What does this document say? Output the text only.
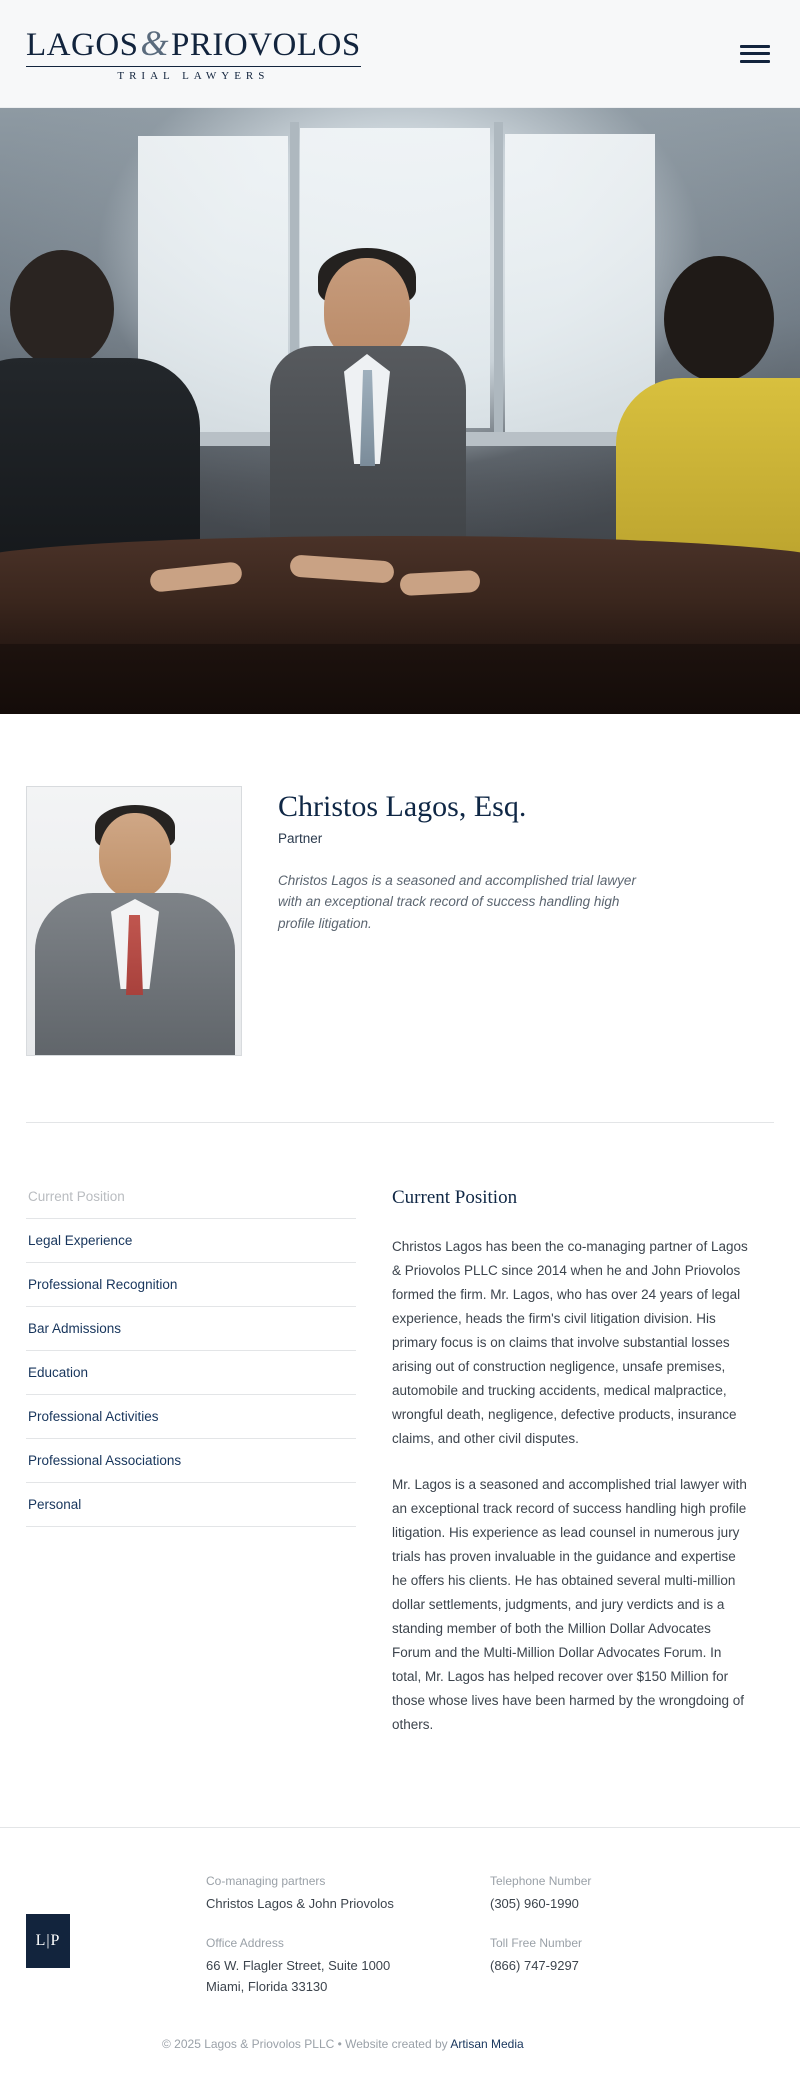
LAGOS&PRIOVOLOS
TRIAL LAWYERS
Christos Lagos, Esq.
Partner

Christos Lagos is a seasoned and accomplished trial lawyer with an exceptional track record of success handling high profile litigation.

Current Position
Legal Experience
Professional Recognition
Bar Admissions
Education
Professional Activities
Professional Associations
Personal
Current Position

Christos Lagos has been the co-managing partner of Lagos & Priovolos PLLC since 2014 when he and John Priovolos formed the firm. Mr. Lagos, who has over 24 years of legal experience, heads the firm's civil litigation division. His primary focus is on claims that involve substantial losses arising out of construction negligence, unsafe premises, automobile and trucking accidents, medical malpractice, wrongful death, negligence, defective products, insurance claims, and other civil disputes.

Mr. Lagos is a seasoned and accomplished trial lawyer with an exceptional track record of success handling high profile litigation. His experience as lead counsel in numerous jury trials has proven invaluable in the guidance and expertise he offers his clients. He has obtained several multi-million dollar settlements, judgments, and jury verdicts and is a standing member of both the Million Dollar Advocates Forum and the Multi-Million Dollar Advocates Forum. In total, Mr. Lagos has helped recover over $150 Million for those whose lives have been harmed by the wrongdoing of others.

L|P
Co-managing partners
Christos Lagos & John Priovolos
Telephone Number
(305) 960-1990
Office Address
66 W. Flagler Street, Suite 1000
Miami, Florida 33130
Toll Free Number
(866) 747-9297
© 2025 Lagos & Priovolos PLLC • Website created by Artisan Media
